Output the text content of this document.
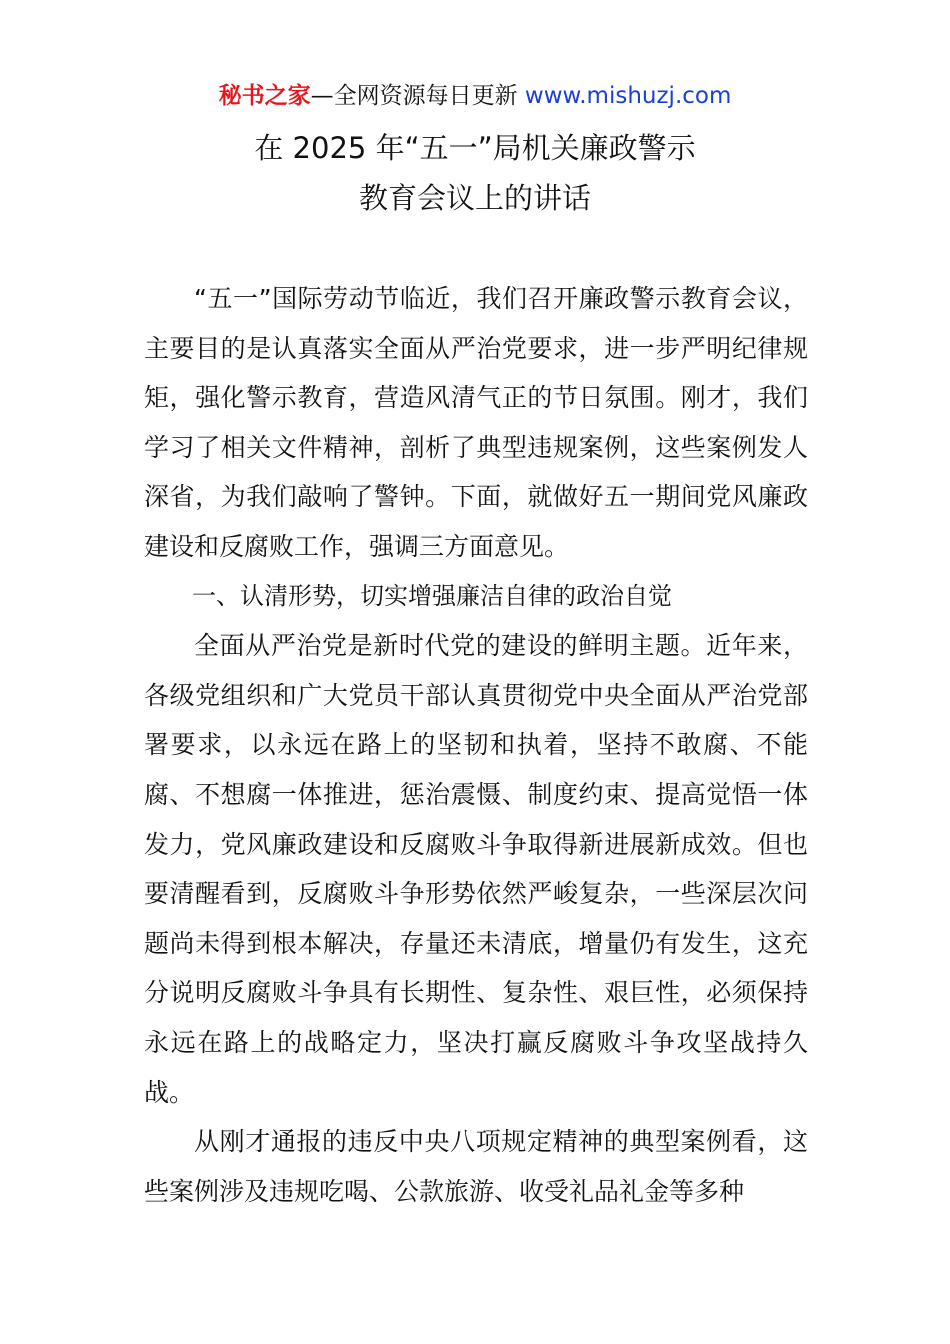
秘书之家—全网资源每日更新 www.mishuzj.com
在 2025 年“五一”局机关廉政警示
教育会议上的讲话

“五一”国际劳动节临近，我们召开廉政警示教育会议，主要目的是认真落实全面从严治党要求，进一步严明纪律规矩，强化警示教育，营造风清气正的节日氛围。刚才，我们学习了相关文件精神，剖析了典型违规案例，这些案例发人深省，为我们敲响了警钟。下面，就做好五一期间党风廉政建设和反腐败工作，强调三方面意见。

一、认清形势，切实增强廉洁自律的政治自觉

全面从严治党是新时代党的建设的鲜明主题。近年来，各级党组织和广大党员干部认真贯彻党中央全面从严治党部署要求，以永远在路上的坚韧和执着，坚持不敢腐、不能腐、不想腐一体推进，惩治震慑、制度约束、提高觉悟一体发力，党风廉政建设和反腐败斗争取得新进展新成效。但也要清醒看到，反腐败斗争形势依然严峻复杂，一些深层次问题尚未得到根本解决，存量还未清底，增量仍有发生，这充分说明反腐败斗争具有长期性、复杂性、艰巨性，必须保持永远在路上的战略定力，坚决打赢反腐败斗争攻坚战持久战。

从刚才通报的违反中央八项规定精神的典型案例看，这些案例涉及违规吃喝、公款旅游、收受礼品礼金等多种
